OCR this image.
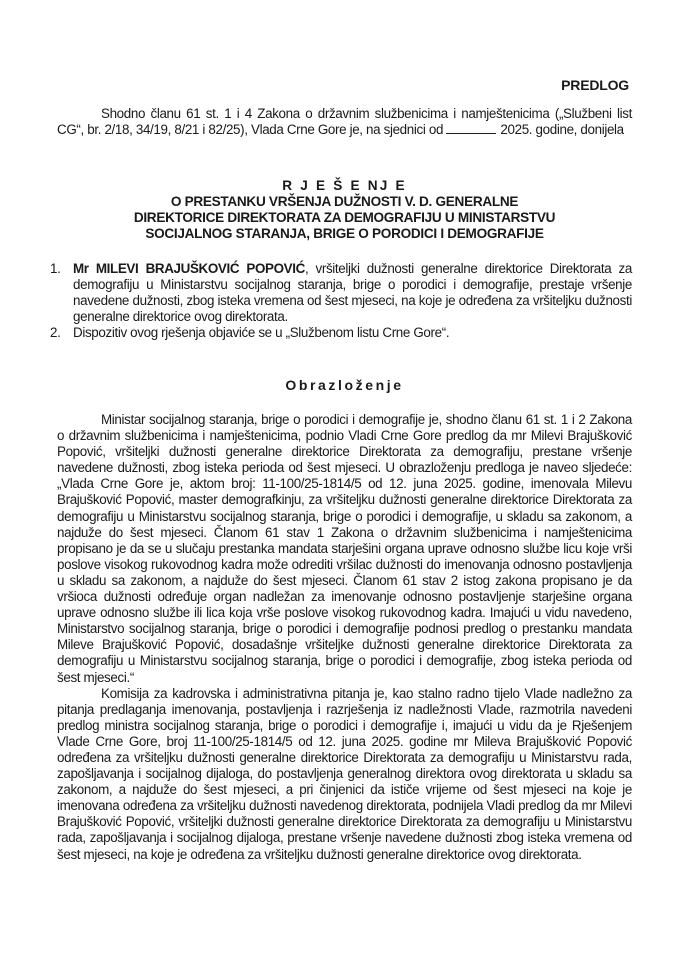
PREDLOG
Shodno članu 61 st. 1 i 4 Zakona o državnim službenicima i namještenicima („Službeni list CG“, br. 2/18, 34/19, 8/21 i 82/25), Vlada Crne Gore je, na sjednici od	2025. godine, donijela
R J E Š E NJ E
O PRESTANKU VRŠENJA DUŽNOSTI V. D. GENERALNE
DIREKTORICE DIREKTORATA ZA DEMOGRAFIJU U MINISTARSTVU
SOCIJALNOG STARANJA, BRIGE O PORODICI I DEMOGRAFIJE
1. Mr MILEVI BRAJUŠKOVIĆ POPOVIĆ, vršiteljki dužnosti generalne direktorice Direktorata za demografiju u Ministarstvu socijalnog staranja, brige o porodici i demografije, prestaje vršenje navedene dužnosti, zbog isteka vremena od šest mjeseci, na koje je određena za vršiteljku dužnosti generalne direktorice ovog direktorata.
2. Dispozitiv ovog rješenja objaviće se u „Službenom listu Crne Gore“.
Obrazloženje

Ministar socijalnog staranja, brige o porodici i demografije je, shodno članu 61 st. 1 i 2 Zakona o državnim službenicima i namještenicima, podnio Vladi Crne Gore predlog da mr Milevi Brajušković Popović, vršiteljki dužnosti generalne direktorice Direktorata za demografiju, prestane vršenje navedene dužnosti, zbog isteka perioda od šest mjeseci. U obrazloženju predloga je naveo sljedeće: „Vlada Crne Gore je, aktom broj: 11-100/25-1814/5 od 12. juna 2025. godine, imenovala Milevu Brajušković Popović, master demografkinju, za vršiteljku dužnosti generalne direktorice Direktorata za demografiju u Ministarstvu socijalnog staranja, brige o porodici i demografije, u skladu sa zakonom, a najduže do šest mjeseci. Članom 61 stav 1 Zakona o državnim službenicima i namještenicima propisano je da se u slučaju prestanka mandata starješini organa uprave odnosno službe licu koje vrši poslove visokog rukovodnog kadra može odrediti vršilac dužnosti do imenovanja odnosno postavljenja u skladu sa zakonom, a najduže do šest mjeseci. Članom 61 stav 2 istog zakona propisano je da vršioca dužnosti određuje organ nadležan za imenovanje odnosno postavljenje starješine organa uprave odnosno službe ili lica koja vrše poslove visokog rukovodnog kadra. Imajući u vidu navedeno, Ministarstvo socijalnog staranja, brige o porodici i demografije podnosi predlog o prestanku mandata Mileve Brajušković Popović, dosadašnje vršiteljke dužnosti generalne direktorice Direktorata za demografiju u Ministarstvu socijalnog staranja, brige o porodici i demografije, zbog isteka perioda od šest mjeseci.“

Komisija za kadrovska i administrativna pitanja je, kao stalno radno tijelo Vlade nadležno za pitanja predlaganja imenovanja, postavljenja i razrješenja iz nadležnosti Vlade, razmotrila navedeni predlog ministra socijalnog staranja, brige o porodici i demografije i, imajući u vidu da je Rješenjem Vlade Crne Gore, broj 11-100/25-1814/5 od 12. juna 2025. godine mr Mileva Brajušković Popović određena za vršiteljku dužnosti generalne direktorice Direktorata za demografiju u Ministarstvu rada, zapošljavanja i socijalnog dijaloga, do postavljenja generalnog direktora ovog direktorata u skladu sa zakonom, a najduže do šest mjeseci, a pri činjenici da ističe vrijeme od šest mjeseci na koje je imenovana određena za vršiteljku dužnosti navedenog direktorata, podnijela Vladi predlog da mr Milevi Brajušković Popović, vršiteljki dužnosti generalne direktorice Direktorata za demografiju u Ministarstvu rada, zapošljavanja i socijalnog dijaloga, prestane vršenje navedene dužnosti zbog isteka vremena od šest mjeseci, na koje je određena za vršiteljku dužnosti generalne direktorice ovog direktorata.
